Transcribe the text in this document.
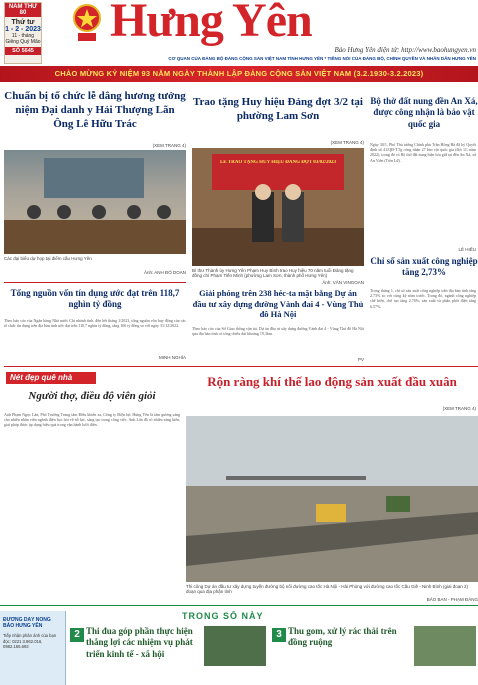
NĂM THỨ 80
Thứ tư
1 - 2 - 2023
11 - tháng Giêng Quý Mão
SỐ 5645
Hưng Yên
Báo Hưng Yên điện tử: http://www.baohungyen.vn
CƠ QUAN CỦA ĐẢNG BỘ ĐẢNG CỘNG SẢN VIỆT NAM TỈNH HƯNG YÊN * TIẾNG NÓI CỦA ĐẢNG BỘ, CHÍNH QUYỀN VÀ NHÂN DÂN HƯNG YÊN
CHÀO MỪNG KỶ NIỆM 93 NĂM NGÀY THÀNH LẬP ĐẢNG CỘNG SẢN VIỆT NAM (3.2.1930-3.2.2023)
Chuẩn bị tổ chức lễ dâng hương tưởng niệm Đại danh y Hải Thượng Lãn Ông Lê Hữu Trác
(XEM TRANG 4)
Các đại biểu dự họp tại điểm cầu Hưng Yên
Ảnh: ANH ĐỖ DOAN
Trao tặng Huy hiệu Đảng đợt 3/2 tại phường Lam Sơn
(XEM TRANG 4)
LỄ TRAO TẶNG HUY HIỆU ĐẢNG ĐỢT 03/02/2023
Bí thư Thành ủy Hưng Yên Phạm Huy Bình trao Huy hiệu 70 năm tuổi Đảng tặng đồng chí Phạm Tiến Minh (phường Lam Sơn, thành phố Hưng Yên)
Ảnh: VĂN VINGOAN
Bộ thờ đất nung đền An Xá, được công nhận là bảo vật quốc gia
Ngày 30/1, Phó Thủ tướng Chính phủ Trần Hồng Hà đã ký Quyết định số 41/QĐ-TTg công nhận 27 bảo vật quốc gia (đợt 11, năm 2022), trong đó có Bộ thờ đất nung hiện lưu giữ tại đền An Xá, xã An Viên (Tiên Lữ).
LÊ HIẾU
Chỉ số sản xuất công nghiệp tăng 2,73%
Trong tháng 1, chỉ số sản xuất công nghiệp trên địa bàn tỉnh tăng 2,73% so với cùng kỳ năm trước. Trong đó, ngành công nghiệp chế biến, chế tạo tăng 2,76%; sản xuất và phân phối điện tăng 6,57%.
Tổng nguồn vốn tín dụng ước đạt trên 118,7 nghìn tỷ đồng
Theo báo cáo của Ngân hàng Nhà nước Chi nhánh tỉnh, đến hết tháng 1/2023, tổng nguồn vốn huy động của các tổ chức tín dụng trên địa bàn tỉnh ước đạt trên 118,7 nghìn tỷ đồng, tăng 106 tỷ đồng so với ngày 31/12/2022.
MINH NGHĨA
Giải phóng trên 238 héc-ta mặt bằng Dự án đầu tư xây dựng đường Vành đai 4 - Vùng Thủ đô Hà Nội
Theo báo cáo của Sở Giao thông vận tải, Dự án đầu tư xây dựng đường Vành đai 4 - Vùng Thủ đô Hà Nội qua địa bàn tỉnh có tổng chiều dài khoảng 19,3km.
PV
Nét đẹp quê nhà
Người thợ, điều độ viên giỏi
Anh Phạm Ngọc Lân, Phó Trưởng Trung tâm Điều khiển xa, Công ty Điện lực Hưng Yên là tấm gương sáng cho nhiều nhân viên ngành điện học hỏi về nỗ lực, sáng tạo trong công việc. Anh Lân đã có nhiều sáng kiến, giải pháp được áp dụng hiệu quả trong vận hành lưới điện.
Rộn ràng khí thế lao động sản xuất đầu xuân
(XEM TRANG 4)
Thi công Dự án đầu tư xây dựng tuyến đường bộ nối đường cao tốc Hà Nội - Hải Phòng với đường cao tốc Cầu Giẽ - Ninh Bình (giai đoạn 2) đoạn qua địa phận tỉnh
BẢO BAN - PHẠM ĐĂNG
TRONG SỐ NÀY
ĐƯỜNG DÂY NÓNG BÁO HƯNG YÊN
Tiếp nhận phản ánh của bạn đọc: 0221 3.862.016, 0982.165.693
2 Thi đua góp phần thực hiện thắng lợi các nhiệm vụ phát triển kinh tế - xã hội
3 Thu gom, xử lý rác thải trên đồng ruộng
